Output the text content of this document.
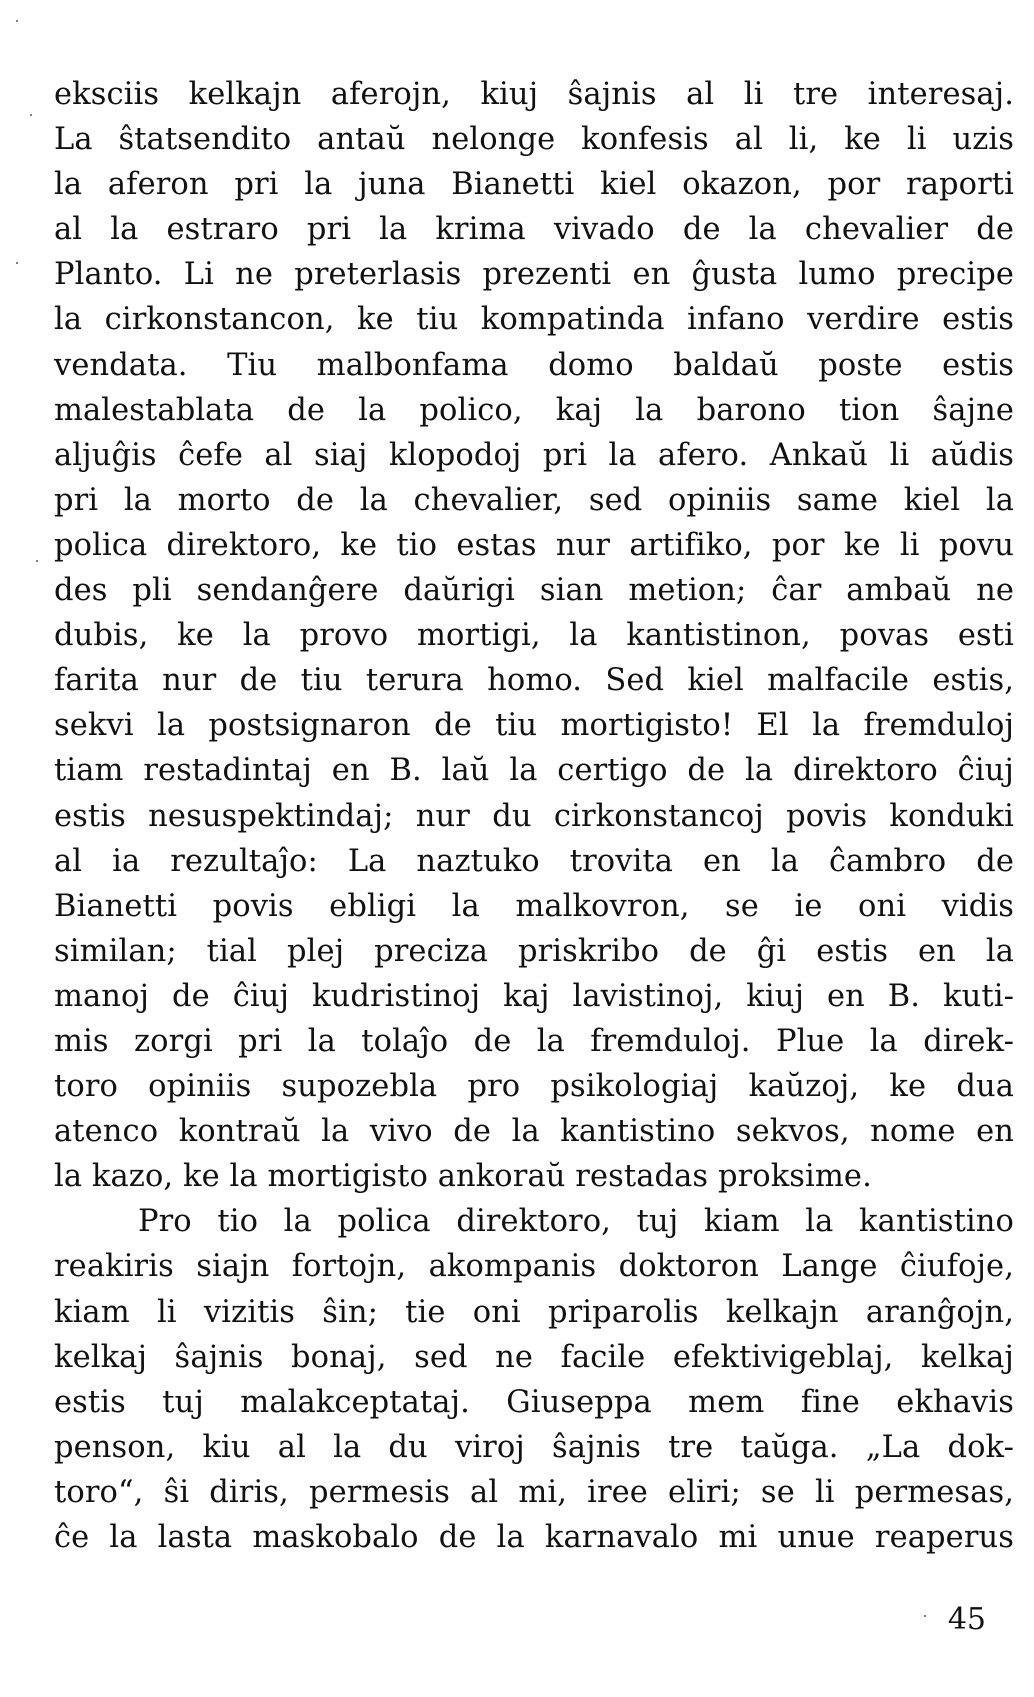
eksciis kelkajn aferojn, kiuj ŝajnis al li tre interesaj.
La ŝtatsendito antaŭ nelonge konfesis al li, ke li uzis
la aferon pri la juna Bianetti kiel okazon, por raporti
al la estraro pri la krima vivado de la chevalier de
Planto. Li ne preterlasis prezenti en ĝusta lumo precipe
la cirkonstancon, ke tiu kompatinda infano verdire estis
vendata. Tiu malbonfama domo baldaŭ poste estis
malestablata de la polico, kaj la barono tion ŝajne
aljuĝis ĉefe al siaj klopodoj pri la afero. Ankaŭ li aŭdis
pri la morto de la chevalier, sed opiniis same kiel la
polica direktoro, ke tio estas nur artifiko, por ke li povu
des pli sendanĝere daŭrigi sian metion; ĉar ambaŭ ne
dubis, ke la provo mortigi, la kantistinon, povas esti
farita nur de tiu terura homo. Sed kiel malfacile estis,
sekvi la postsignaron de tiu mortigisto! El la fremduloj
tiam restadintaj en B. laŭ la certigo de la direktoro ĉiuj
estis nesuspektindaj; nur du cirkonstancoj povis konduki
al ia rezultaĵo: La naztuko trovita en la ĉambro de
Bianetti povis ebligi la malkovron, se ie oni vidis
similan; tial plej preciza priskribo de ĝi estis en la
manoj de ĉiuj kudristinoj kaj lavistinoj, kiuj en B. kuti-
mis zorgi pri la tolaĵo de la fremduloj. Plue la direk-
toro opiniis supozebla pro psikologiaj kaŭzoj, ke dua
atenco kontraŭ la vivo de la kantistino sekvos, nome en
la kazo, ke la mortigisto ankoraŭ restadas proksime.
Pro tio la polica direktoro, tuj kiam la kantistino
reakiris siajn fortojn, akompanis doktoron Lange ĉiufoje,
kiam li vizitis ŝin; tie oni priparolis kelkajn aranĝojn,
kelkaj ŝajnis bonaj, sed ne facile efektivigeblaj, kelkaj
estis tuj malakceptataj. Giuseppa mem fine ekhavis
penson, kiu al la du viroj ŝajnis tre taŭga. „La dok-
toro“, ŝi diris, permesis al mi, iree eliri; se li permesas,
ĉe la lasta maskobalo de la karnavalo mi unue reaperus
45
